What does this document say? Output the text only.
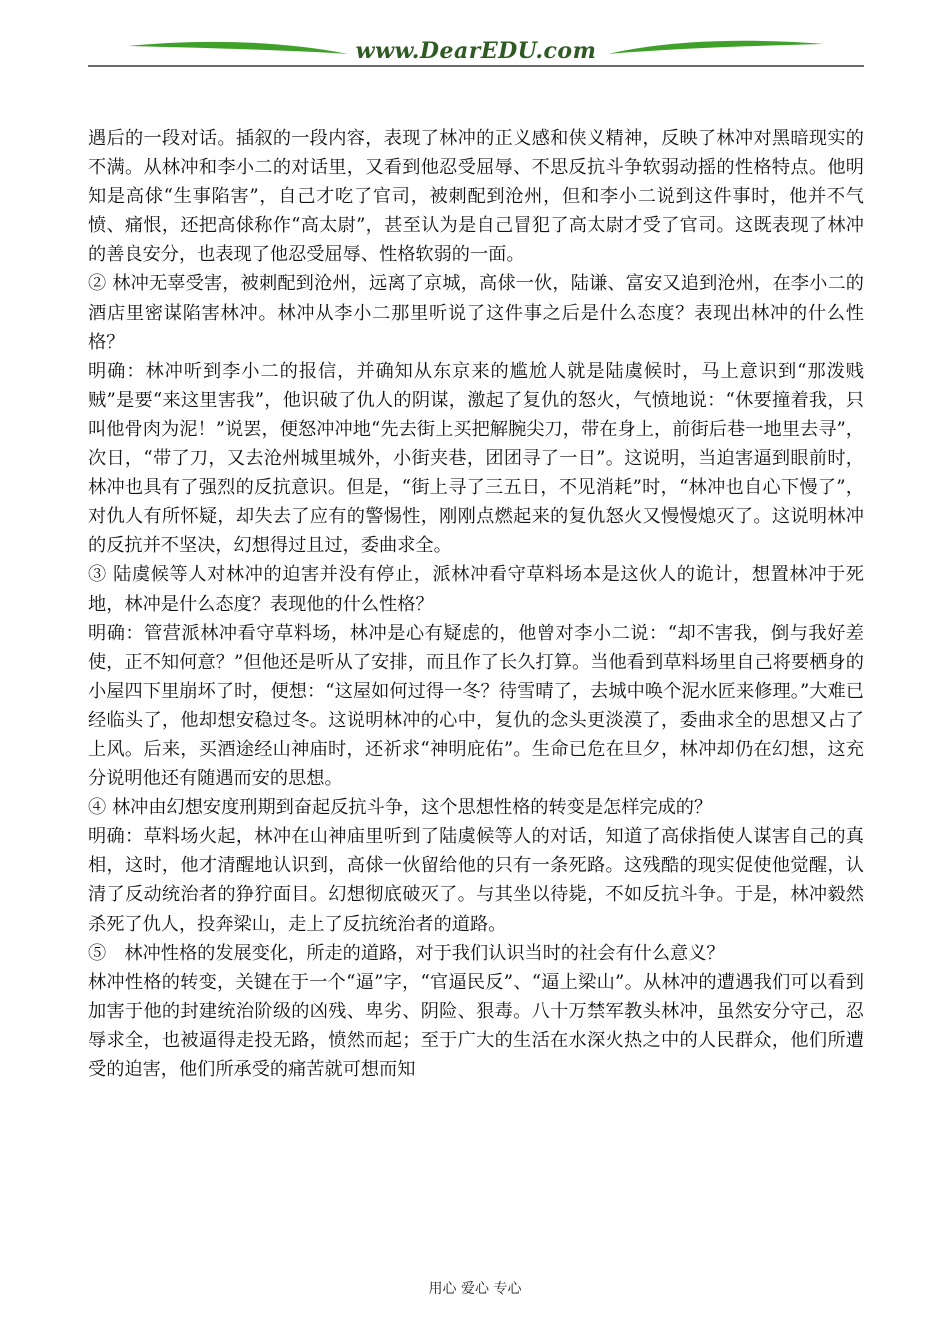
www.DearEDU.com

遇后的一段对话。插叙的一段内容，表现了林冲的正义感和侠义精神，反映了林冲对黑暗现实的不满。从林冲和李小二的对话里，又看到他忍受屈辱、不思反抗斗争软弱动摇的性格特点。他明知是高俅“生事陷害”，自己才吃了官司，被刺配到沧州，但和李小二说到这件事时，他并不气愤、痛恨，还把高俅称作“高太尉”，甚至认为是自己冒犯了高太尉才受了官司。这既表现了林冲的善良安分，也表现了他忍受屈辱、性格软弱的一面。

② 林冲无辜受害，被刺配到沧州，远离了京城，高俅一伙，陆谦、富安又追到沧州，在李小二的酒店里密谋陷害林冲。林冲从李小二那里听说了这件事之后是什么态度？表现出林冲的什么性格？

明确：林冲听到李小二的报信，并确知从东京来的尴尬人就是陆虞候时，马上意识到“那泼贱贼”是要“来这里害我”，他识破了仇人的阴谋，激起了复仇的怒火，气愤地说：“休要撞着我，只叫他骨肉为泥！”说罢，便怒冲冲地“先去街上买把解腕尖刀，带在身上，前街后巷一地里去寻”，次日，“带了刀，又去沧州城里城外，小街夹巷，团团寻了一日”。这说明，当迫害逼到眼前时，林冲也具有了强烈的反抗意识。但是，“街上寻了三五日，不见消耗”时，“林冲也自心下慢了”，对仇人有所怀疑，却失去了应有的警惕性，刚刚点燃起来的复仇怒火又慢慢熄灭了。这说明林冲的反抗并不坚决，幻想得过且过，委曲求全。

③ 陆虞候等人对林冲的迫害并没有停止，派林冲看守草料场本是这伙人的诡计，想置林冲于死地，林冲是什么态度？表现他的什么性格？

明确：管营派林冲看守草料场，林冲是心有疑虑的，他曾对李小二说：“却不害我，倒与我好差使，正不知何意？”但他还是听从了安排，而且作了长久打算。当他看到草料场里自己将要栖身的小屋四下里崩坏了时，便想：“这屋如何过得一冬？待雪晴了，去城中唤个泥水匠来修理。”大难已经临头了，他却想安稳过冬。这说明林冲的心中，复仇的念头更淡漠了，委曲求全的思想又占了上风。后来，买酒途经山神庙时，还祈求“神明庇佑”。生命已危在旦夕，林冲却仍在幻想，这充分说明他还有随遇而安的思想。

④ 林冲由幻想安度刑期到奋起反抗斗争，这个思想性格的转变是怎样完成的？

明确：草料场火起，林冲在山神庙里听到了陆虞候等人的对话，知道了高俅指使人谋害自己的真相，这时，他才清醒地认识到，高俅一伙留给他的只有一条死路。这残酷的现实促使他觉醒，认清了反动统治者的狰狞面目。幻想彻底破灭了。与其坐以待毙，不如反抗斗争。于是，林冲毅然杀死了仇人，投奔梁山，走上了反抗统治者的道路。

⑤　林冲性格的发展变化，所走的道路，对于我们认识当时的社会有什么意义？

林冲性格的转变，关键在于一个“逼”字，“官逼民反”、“逼上梁山”。从林冲的遭遇我们可以看到加害于他的封建统治阶级的凶残、卑劣、阴险、狠毒。八十万禁军教头林冲，虽然安分守己，忍辱求全，也被逼得走投无路，愤然而起；至于广大的生活在水深火热之中的人民群众，他们所遭受的迫害，他们所承受的痛苦就可想而知

用心 爱心 专心
